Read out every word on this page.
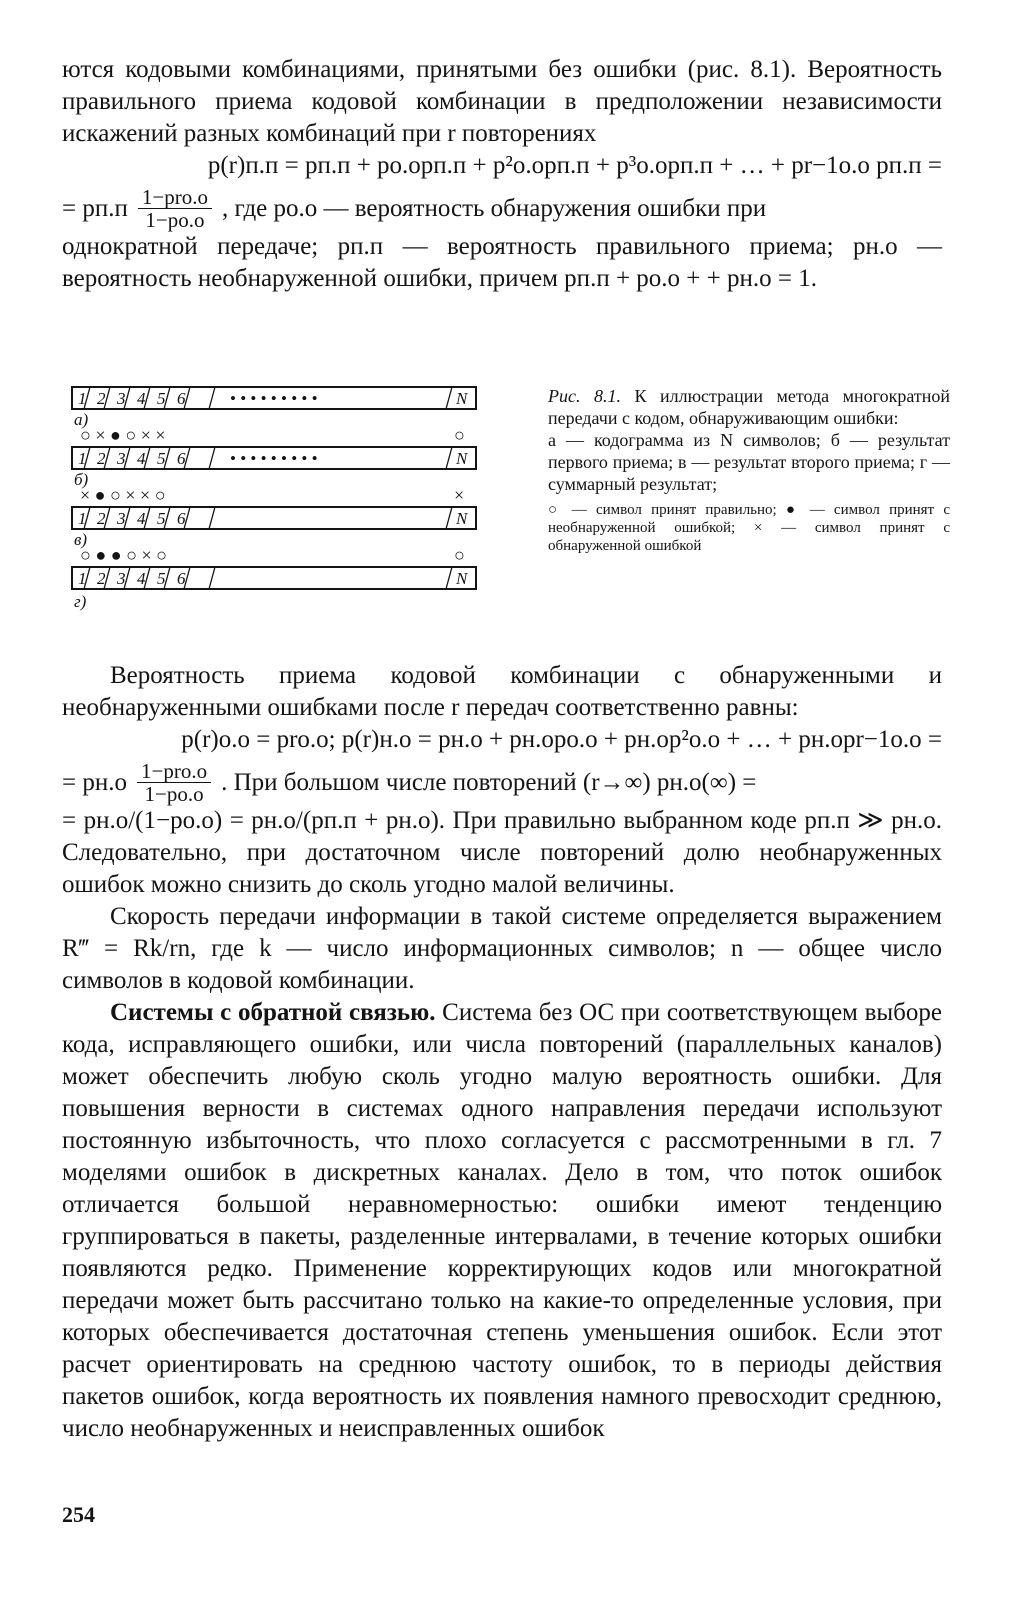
ются кодовыми комбинациями, принятыми без ошибки (рис. 8.1). Вероятность правильного приема кодовой комбинации в предположении независимости искажений разных комбинаций при r повторениях

p(r)п.п = pп.п + pо.оpп.п + p²о.оpп.п + p³о.оpп.п + … + pr−1о.о pп.п =

= $pп.п \frac{\text{1−pro.o}}{1-po.o}$ , где pо.о — вероятность обнаружения ошибки при

однократной передаче; pп.п — вероятность правильного приема; pн.о — вероятность необнаруженной ошибки, причем pп.п + pо.о + + pн.о = 1.

1 2 3 4 5 6	• • • • • • • • •	N
а)
○ × ● ○ × ×	○
1 2 3 4 5 6	• • • • • • • • •	N
б)
× ● ○ × × ○	×
1 2 3 4 5 6	N
в)
○ ● ● ○ × ○	○
1 2 3 4 5 6	N
г)
Рис. 8.1. К иллюстрации метода многократной передачи с кодом, обнаруживающим ошибки:
а — кодограмма из N символов; б — результат первого приема; в — результат второго приема; г — суммарный результат;
○ — символ принят правильно; ● — символ принят с необнаруженной ошибкой; × — символ принят с обнаруженной ошибкой

Вероятность приема кодовой комбинации с обнаруженными и необнаруженными ошибками после r передач соответственно равны:

p(r)о.о = prо.о; p(r)н.о = pн.о + pн.оpо.о + pн.оp²о.о + … + pн.оpr−1о.о =

= $pн.о \frac{\text{1−pro.o}}{1-po.o}$ . При большом числе повторений (r→∞) pн.о(∞) =

= pн.о/(1−pо.о) = pн.о/(pп.п + pн.о). При правильно выбранном коде pп.п ≫ pн.о. Следовательно, при достаточном числе повторений долю необнаруженных ошибок можно снизить до сколь угодно малой величины.

Скорость передачи информации в такой системе определяется выражением R‴ = Rk/rn, где k — число информационных символов; n — общее число символов в кодовой комбинации.

Системы с обратной связью. Система без ОС при соответствующем выборе кода, исправляющего ошибки, или числа повторений (параллельных каналов) может обеспечить любую сколь угодно малую вероятность ошибки. Для повышения верности в системах одного направления передачи используют постоянную избыточность, что плохо согласуется с рассмотренными в гл. 7 моделями ошибок в дискретных каналах. Дело в том, что поток ошибок отличается большой неравномерностью: ошибки имеют тенденцию группироваться в пакеты, разделенные интервалами, в течение которых ошибки появляются редко. Применение корректирующих кодов или многократной передачи может быть рассчитано только на какие-то определенные условия, при которых обеспечивается достаточная степень уменьшения ошибок. Если этот расчет ориентировать на среднюю частоту ошибок, то в периоды действия пакетов ошибок, когда вероятность их появления намного превосходит среднюю, число необнаруженных и неисправленных ошибок

254
